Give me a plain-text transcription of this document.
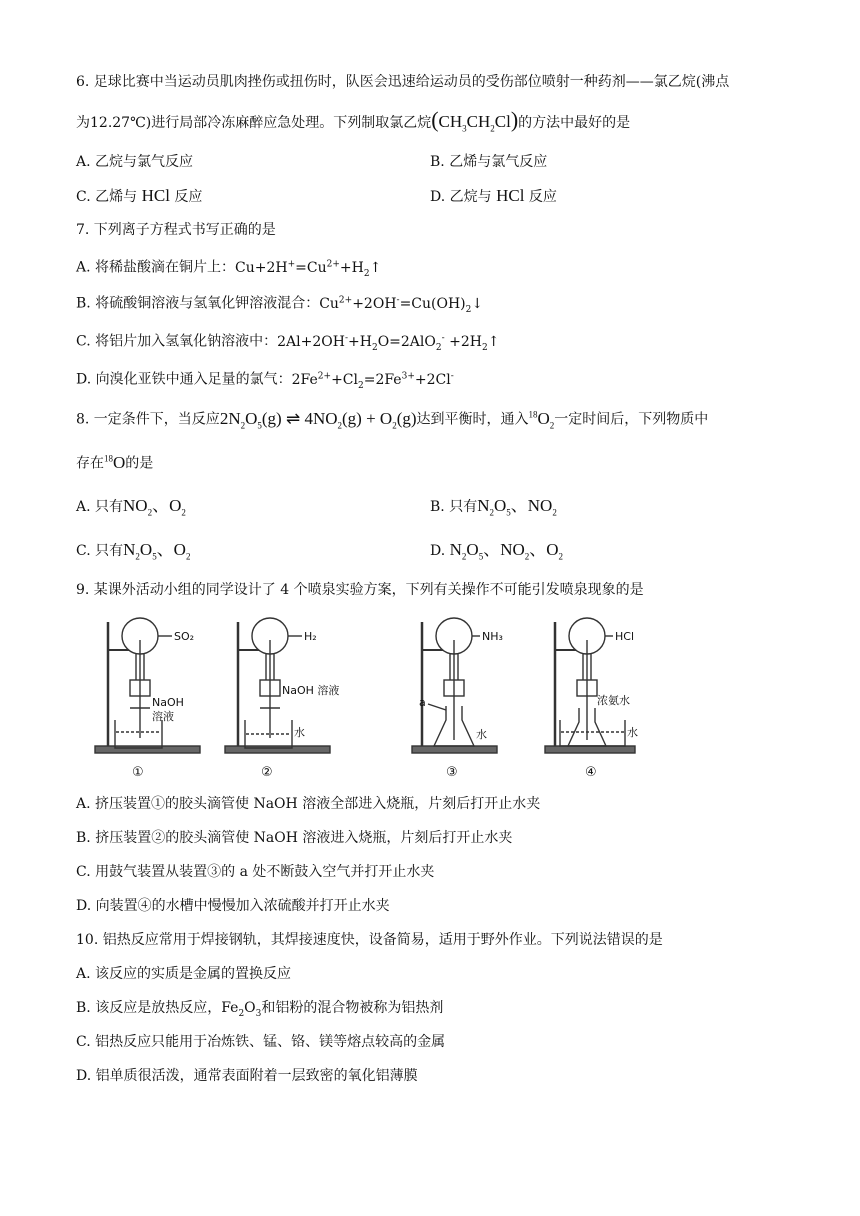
6. 足球比赛中当运动员肌肉挫伤或扭伤时，队医会迅速给运动员的受伤部位喷射一种药剂——氯乙烷(沸点
为12.27℃)进行局部冷冻麻醉应急处理。下列制取氯乙烷$(CH_3CH_2Cl)$的方法中最好的是
A. 乙烷与氯气反应	B. 乙烯与氯气反应
C. 乙烯与 HCl 反应	D. 乙烷与 HCl 反应
7. 下列离子方程式书写正确的是
A. 将稀盐酸滴在铜片上：$Cu+2H^+=Cu^{2+}+H_2↑$
B. 将硫酸铜溶液与氢氧化钾溶液混合：$Cu^{2+}+2OH^-=Cu(OH)_2↓$
C. 将铝片加入氢氧化钠溶液中：$2Al+2OH^-+H_2O=2AlO_2^-$ $+2H_2↑$
D. 向溴化亚铁中通入足量的氯气：$2Fe^{2+}+Cl_2=2Fe^{3+}+2Cl^-$
8. 一定条件下，当反应$2N_2O_5(g)$ ⇌ $4NO_2(g) + O_2(g)$达到平衡时，通入$^{18}O_2$一定时间后，下列物质中
存在$^{18}$O的是
A. 只有$NO_2$、$O_2$	B. 只有$N_2O_5$、$NO_2$
C. 只有$N_2O_5$、$O_2$	D. $N_2O_5$、$NO_2$、$O_2$
9. 某课外活动小组的同学设计了 4 个喷泉实验方案，下列有关操作不可能引发喷泉现象的是
SO₂	H₂	NH₃	HCl
NaOH
溶液
NaOH 溶液
水
a
水
浓氨水
水
①	②	③	④
A. 挤压装置①的胶头滴管使 NaOH 溶液全部进入烧瓶，片刻后打开止水夹
B. 挤压装置②的胶头滴管使 NaOH 溶液进入烧瓶，片刻后打开止水夹
C. 用鼓气装置从装置③的 a 处不断鼓入空气并打开止水夹
D. 向装置④的水槽中慢慢加入浓硫酸并打开止水夹
10. 铝热反应常用于焊接钢轨，其焊接速度快，设备简易，适用于野外作业。下列说法错误的是
A. 该反应的实质是金属的置换反应
B. 该反应是放热反应，$Fe_2O_3$和铝粉的混合物被称为铝热剂
C. 铝热反应只能用于冶炼铁、锰、铬、镁等熔点较高的金属
D. 铝单质很活泼，通常表面附着一层致密的氧化铝薄膜
